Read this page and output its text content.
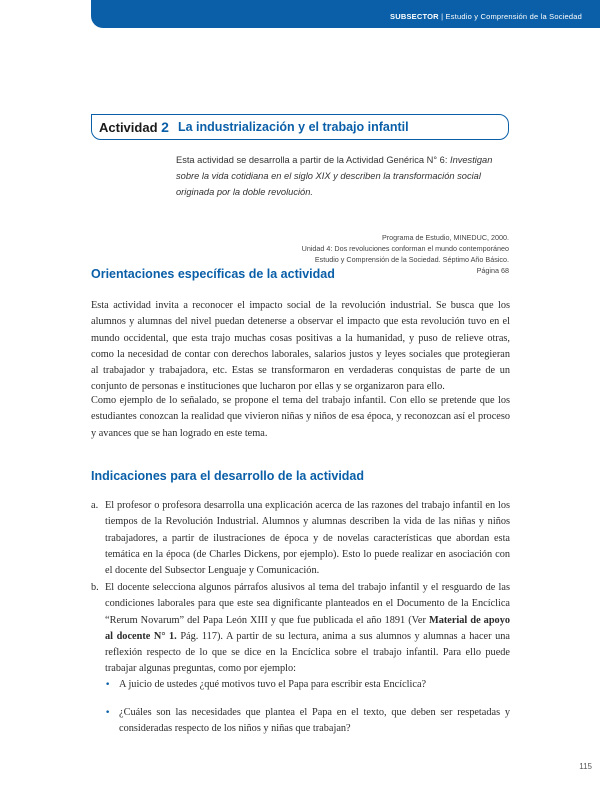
SUBSECTOR | Estudio y Comprensión de la Sociedad
Actividad 2 La industrialización y el trabajo infantil
Esta actividad se desarrolla a partir de la Actividad Genérica N° 6: Investigan sobre la vida cotidiana en el siglo XIX y describen la transformación social originada por la doble revolución.
Programa de Estudio, MINEDUC, 2000.
Unidad 4: Dos revoluciones conforman el mundo contemporáneo
Estudio y Comprensión de la Sociedad. Séptimo Año Básico.
Página 68
Orientaciones específicas de la actividad
Esta actividad invita a reconocer el impacto social de la revolución industrial. Se busca que los alumnos y alumnas del nivel puedan detenerse a observar el impacto que esta revolución tuvo en el mundo occidental, que esta trajo muchas cosas positivas a la humanidad, y puso de relieve otras, como la necesidad de contar con derechos laborales, salarios justos y leyes sociales que protegieran al trabajador y trabajadora, etc. Estas se transformaron en verdaderas conquistas de parte de un conjunto de personas e instituciones que lucharon por ellas y se organizaron para ello.
Como ejemplo de lo señalado, se propone el tema del trabajo infantil. Con ello se pretende que los estudiantes conozcan la realidad que vivieron niñas y niños de esa época, y reconozcan así el proceso y avances que se han logrado en este tema.
Indicaciones para el desarrollo de la actividad
a. El profesor o profesora desarrolla una explicación acerca de las razones del trabajo infantil en los tiempos de la Revolución Industrial. Alumnos y alumnas describen la vida de las niñas y niños trabajadores, a partir de ilustraciones de época y de novelas características que abordan esta temática en la época (de Charles Dickens, por ejemplo). Esto lo puede realizar en asociación con el docente del Subsector Lenguaje y Comunicación.
b. El docente selecciona algunos párrafos alusivos al tema del trabajo infantil y el resguardo de las condiciones laborales para que este sea dignificante planteados en el Documento de la Encíclica “Rerum Novarum” del Papa León XIII y que fue publicada el año 1891 (Ver Material de apoyo al docente N° 1. Pág. 117). A partir de su lectura, anima a sus alumnos y alumnas a hacer una reflexión respecto de lo que se dice en la Encíclica sobre el trabajo infantil. Para ello puede trabajar algunas preguntas, como por ejemplo:
• A juicio de ustedes ¿qué motivos tuvo el Papa para escribir esta Encíclica?
• ¿Cuáles son las necesidades que plantea el Papa en el texto, que deben ser respetadas y consideradas respecto de los niños y niñas que trabajan?
115
